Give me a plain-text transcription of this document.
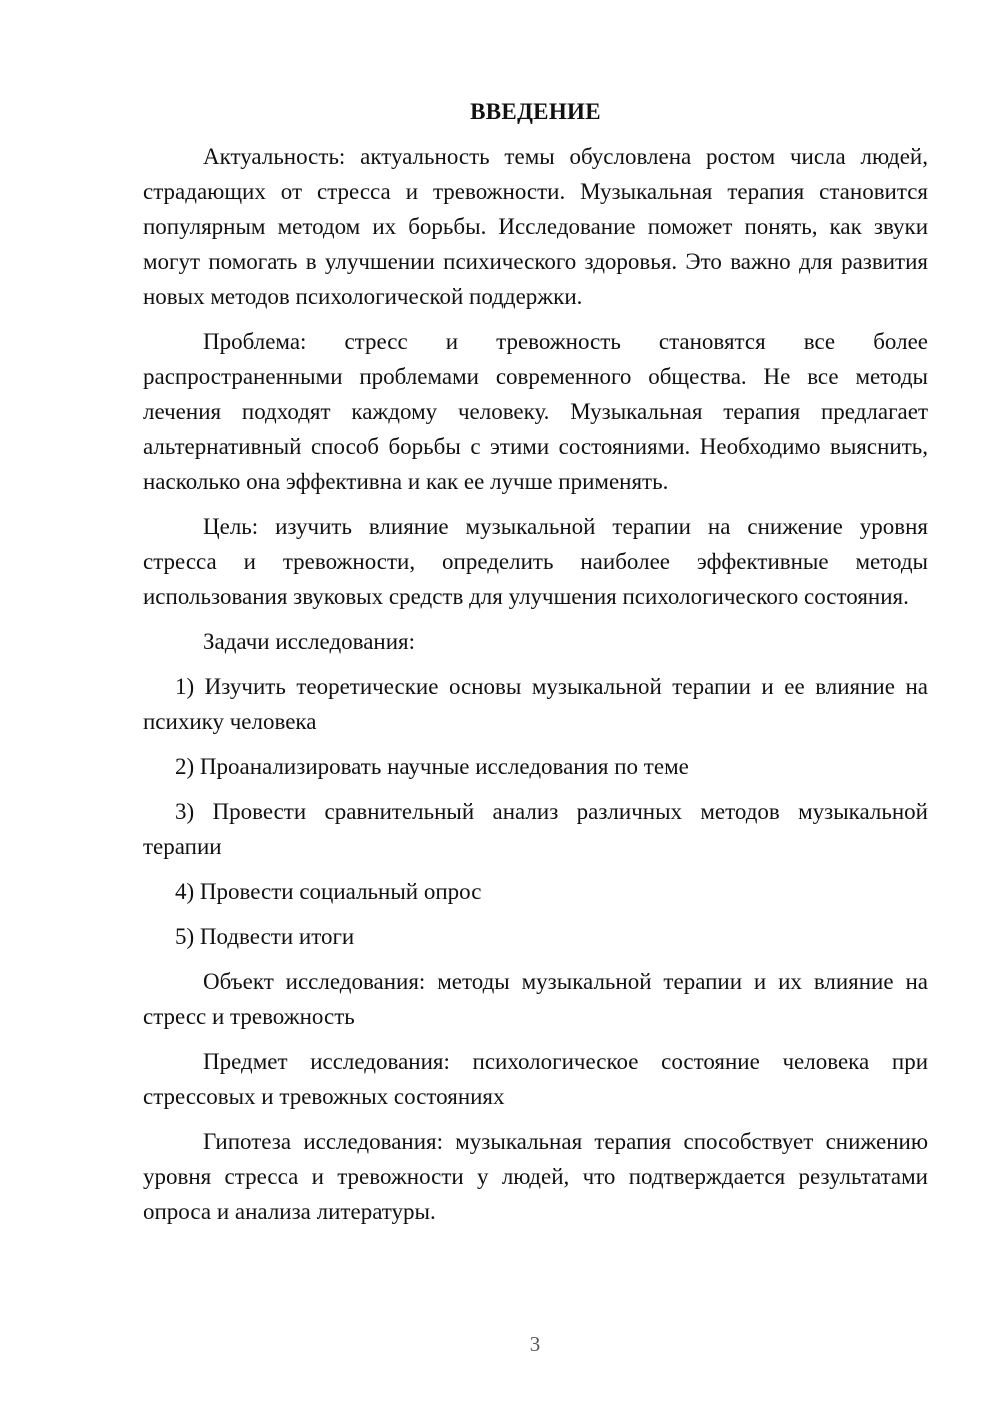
ВВЕДЕНИЕ

Актуальность: актуальность темы обусловлена ростом числа людей, страдающих от стресса и тревожности. Музыкальная терапия становится популярным методом их борьбы. Исследование поможет понять, как звуки могут помогать в улучшении психического здоровья. Это важно для развития новых методов психологической поддержки.

Проблема: стресс и тревожность становятся все более распространенными проблемами современного общества. Не все методы лечения подходят каждому человеку. Музыкальная терапия предлагает альтернативный способ борьбы с этими состояниями. Необходимо выяснить, насколько она эффективна и как ее лучше применять.

Цель: изучить влияние музыкальной терапии на снижение уровня стресса и тревожности, определить наиболее эффективные методы использования звуковых средств для улучшения психологического состояния.

Задачи исследования:

1) Изучить теоретические основы музыкальной терапии и ее влияние на психику человека

2) Проанализировать научные исследования по теме

3) Провести сравнительный анализ различных методов музыкальной терапии

4) Провести социальный опрос

5) Подвести итоги

Объект исследования: методы музыкальной терапии и их влияние на стресс и тревожность

Предмет исследования: психологическое состояние человека при стрессовых и тревожных состояниях

Гипотеза исследования: музыкальная терапия способствует снижению уровня стресса и тревожности у людей, что подтверждается результатами опроса и анализа литературы.

3
